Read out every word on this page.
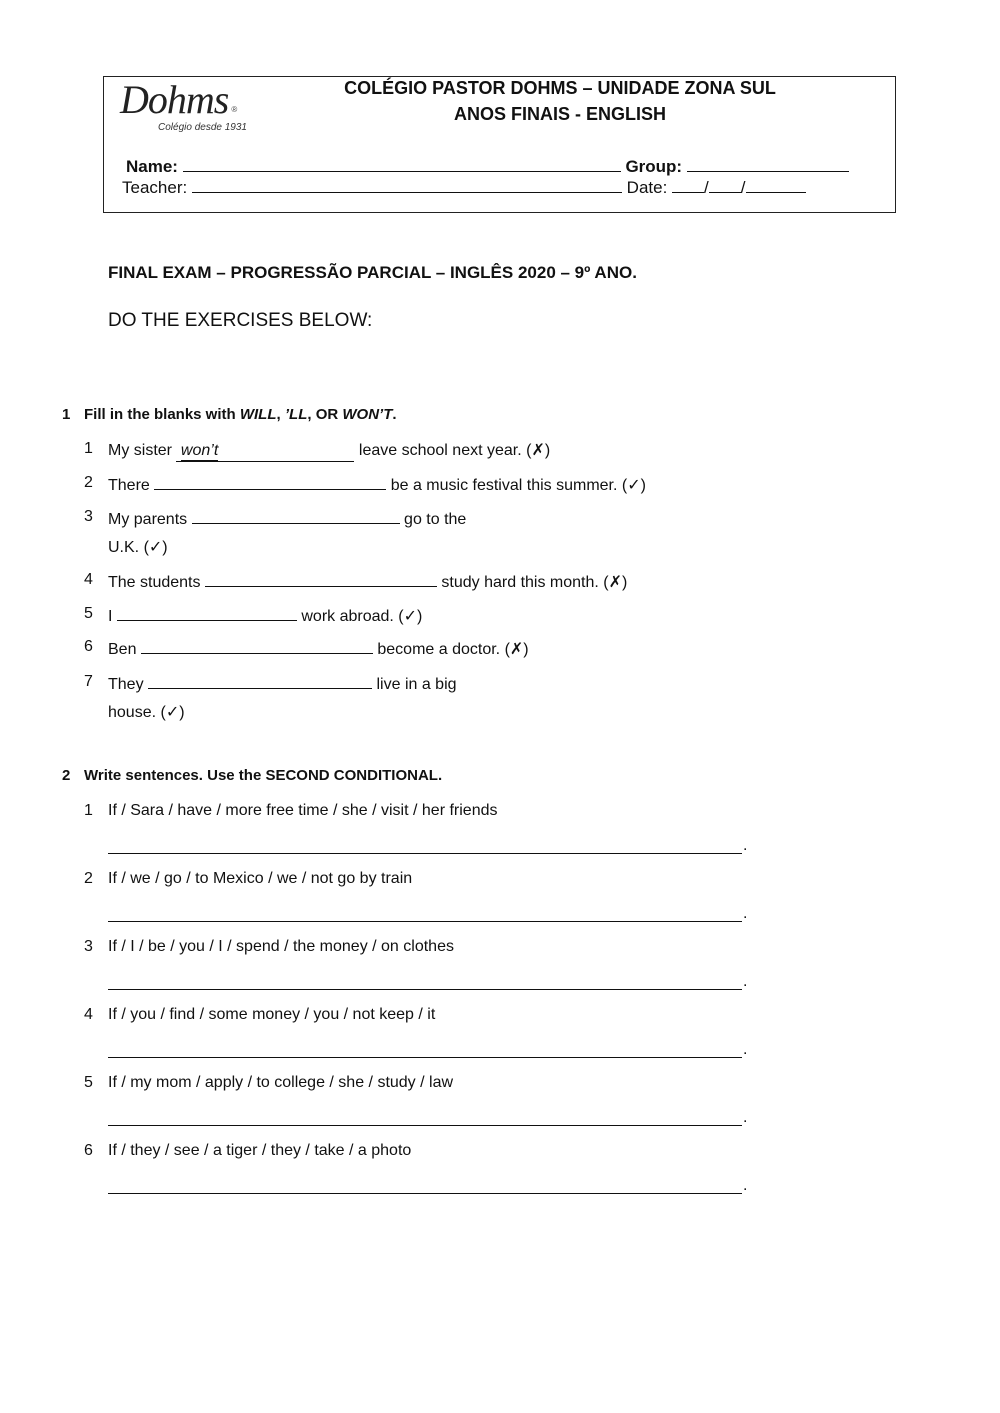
Dohms $_®$
Colégio desde 1931
COLÉGIO PASTOR DOHMS – UNIDADE ZONA SUL
ANOS FINAIS - ENGLISH
Name:	Group:
Teacher:	Date: / /
FINAL EXAM – PROGRESSÃO PARCIAL – INGLÊS 2020 – 9º ANO.
DO THE EXERCISES BELOW:
1 Fill in the blanks with WILL, ’LL, OR WON’T.
1 My sister won’t	leave school next year. (✗)
2 There	be a music festival this summer. (✓)
3 My parents	go to the
U.K. (✓)
4 The students	study hard this month. (✗)
5 I	work abroad. (✓)
6 Ben	become a doctor. (✗)
7 They	live in a big
house. (✓)
2 Write sentences. Use the SECOND CONDITIONAL.
1 If / Sara / have / more free time / she / visit / her friends
.
2 If / we / go / to Mexico / we / not go by train
.
3 If / I / be / you / I / spend / the money / on clothes
.
4 If / you / find / some money / you / not keep / it
.
5 If / my mom / apply / to college / she / study / law
.
6 If / they / see / a tiger / they / take / a photo
.
